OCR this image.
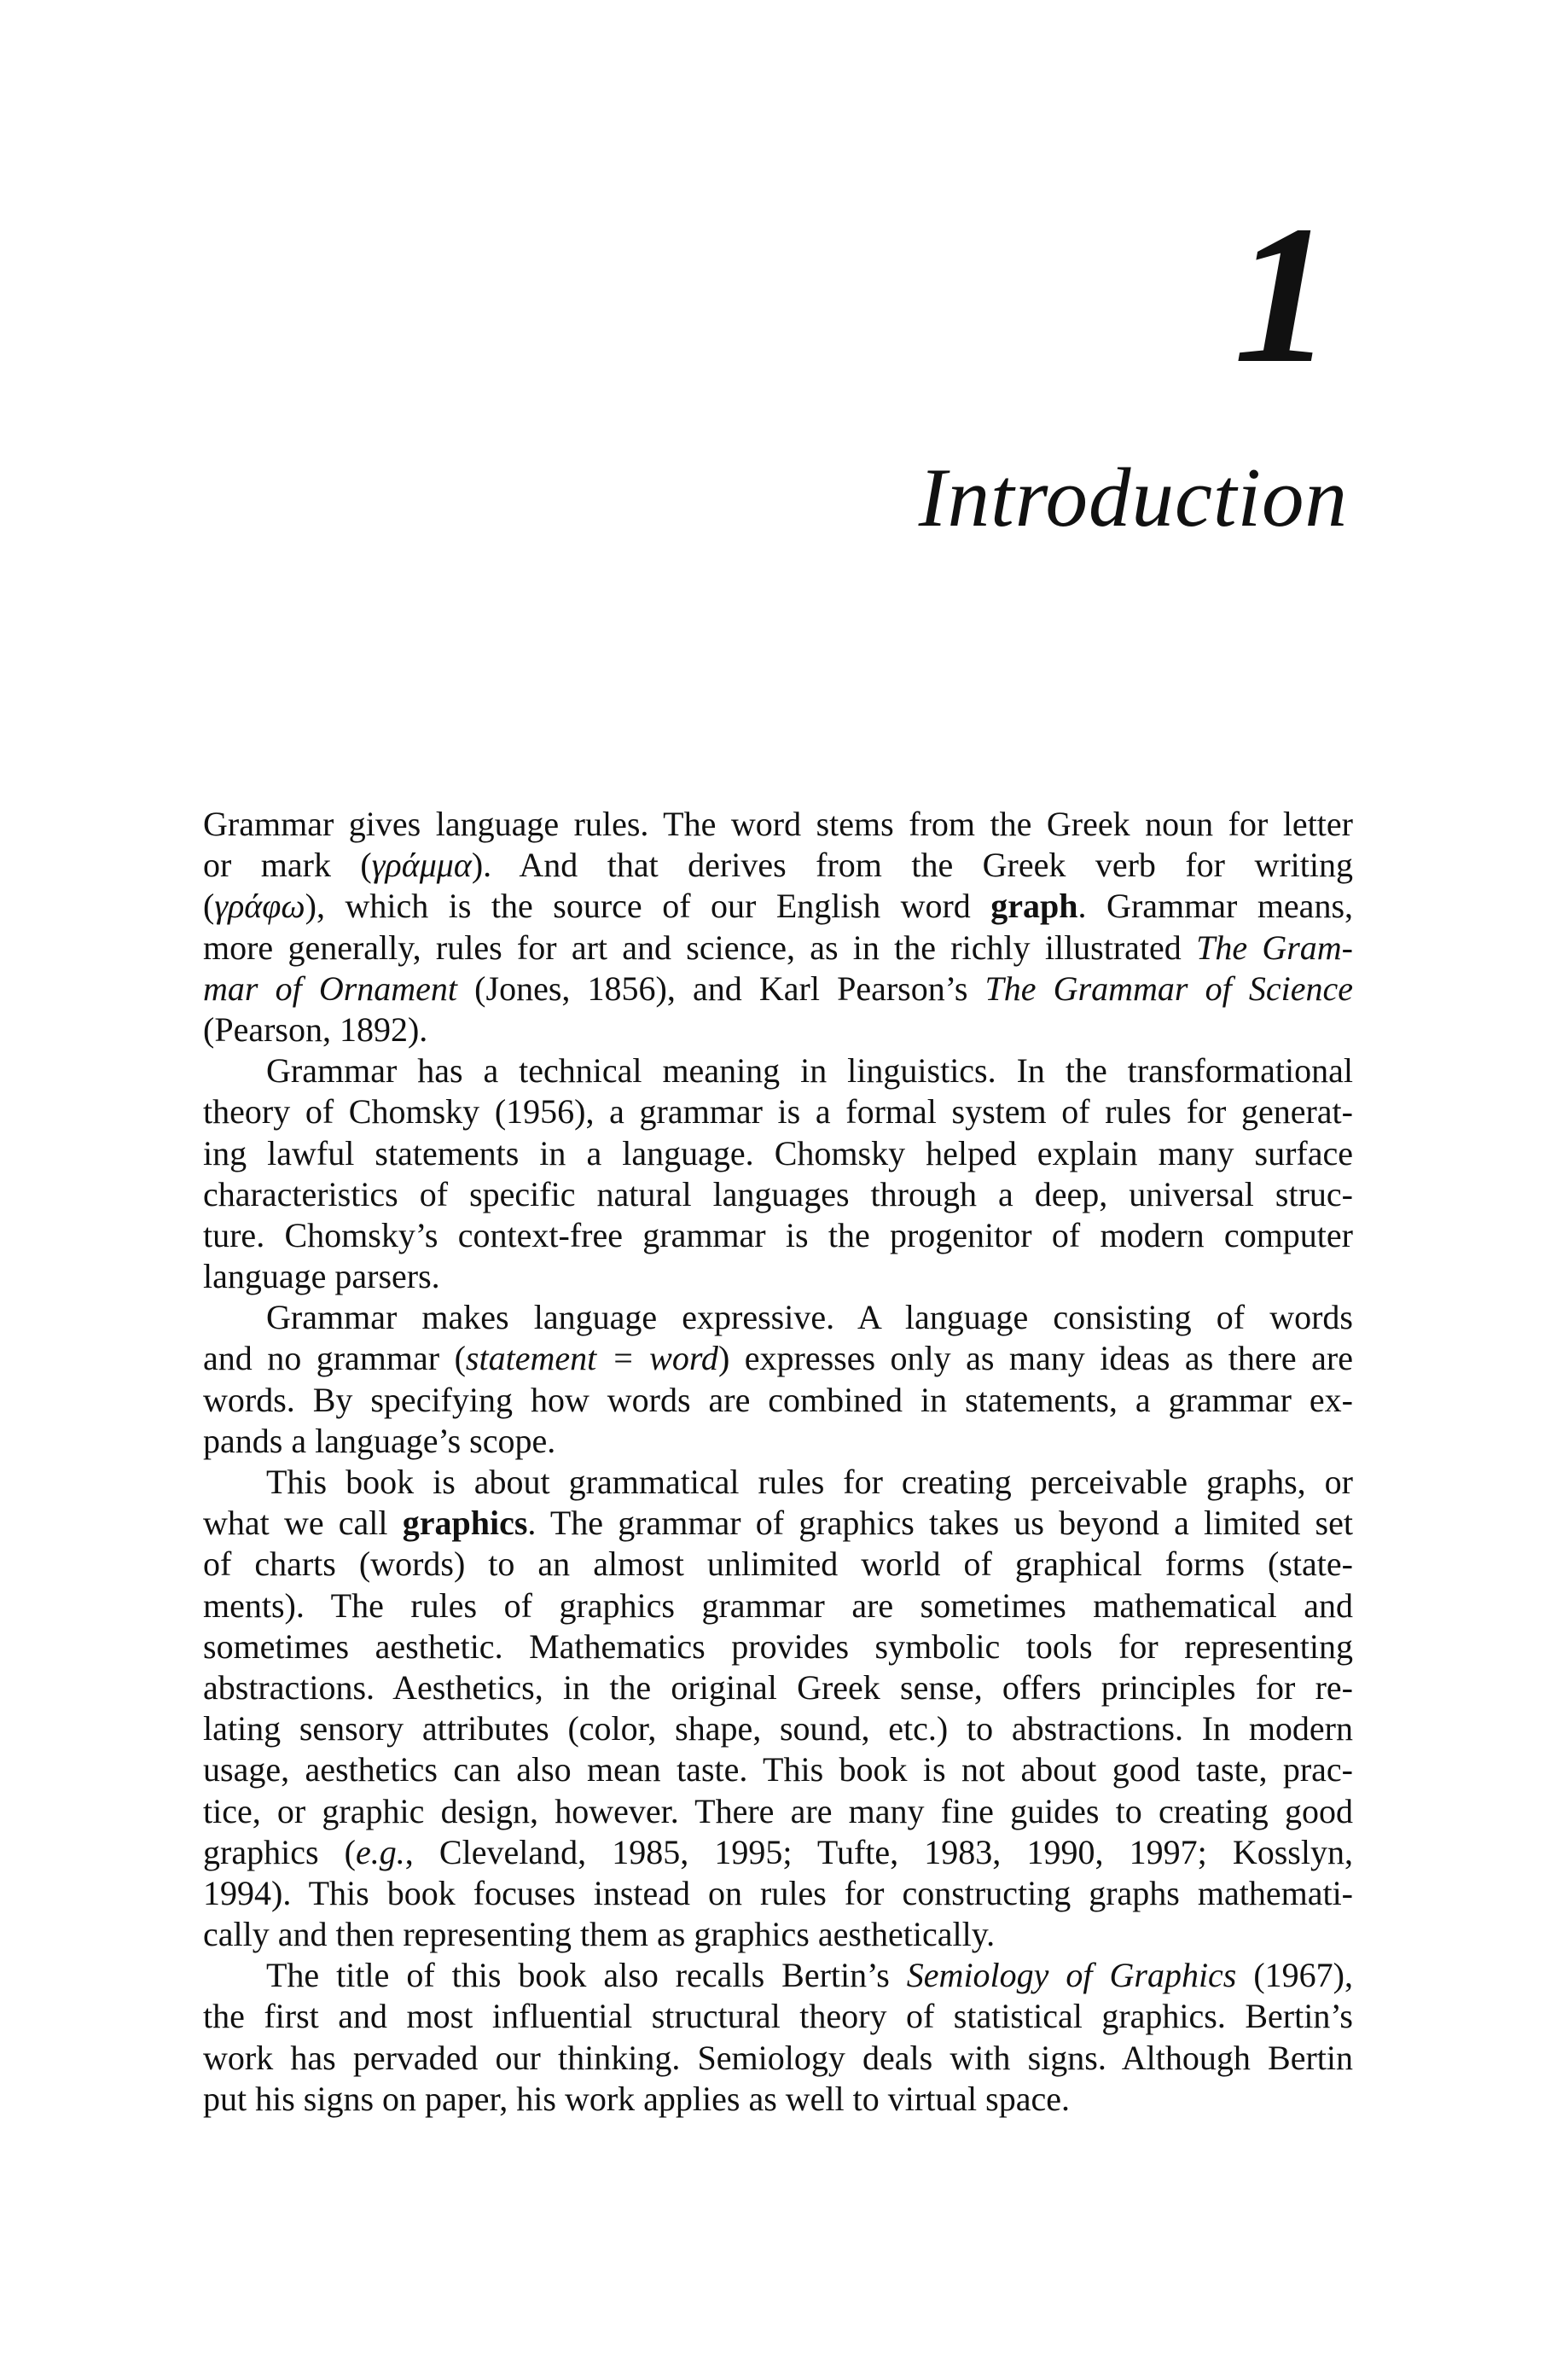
1
Introduction
Grammar gives language rules. The word stems from the Greek noun for letter
or mark (γράμμα). And that derives from the Greek verb for writing
(γράφω), which is the source of our English word graph. Grammar means,
more generally, rules for art and science, as in the richly illustrated The Gram-
mar of Ornament (Jones, 1856), and Karl Pearson’s The Grammar of Science
(Pearson, 1892).
Grammar has a technical meaning in linguistics. In the transformational
theory of Chomsky (1956), a grammar is a formal system of rules for generat-
ing lawful statements in a language. Chomsky helped explain many surface
characteristics of specific natural languages through a deep, universal struc-
ture. Chomsky’s context-free grammar is the progenitor of modern computer
language parsers.
Grammar makes language expressive. A language consisting of words
and no grammar (statement = word) expresses only as many ideas as there are
words. By specifying how words are combined in statements, a grammar ex-
pands a language’s scope.
This book is about grammatical rules for creating perceivable graphs, or
what we call graphics. The grammar of graphics takes us beyond a limited set
of charts (words) to an almost unlimited world of graphical forms (state-
ments). The rules of graphics grammar are sometimes mathematical and
sometimes aesthetic. Mathematics provides symbolic tools for representing
abstractions. Aesthetics, in the original Greek sense, offers principles for re-
lating sensory attributes (color, shape, sound, etc.) to abstractions. In modern
usage, aesthetics can also mean taste. This book is not about good taste, prac-
tice, or graphic design, however. There are many fine guides to creating good
graphics (e.g., Cleveland, 1985, 1995; Tufte, 1983, 1990, 1997; Kosslyn,
1994). This book focuses instead on rules for constructing graphs mathemati-
cally and then representing them as graphics aesthetically.
The title of this book also recalls Bertin’s Semiology of Graphics (1967),
the first and most influential structural theory of statistical graphics. Bertin’s
work has pervaded our thinking. Semiology deals with signs. Although Bertin
put his signs on paper, his work applies as well to virtual space.
